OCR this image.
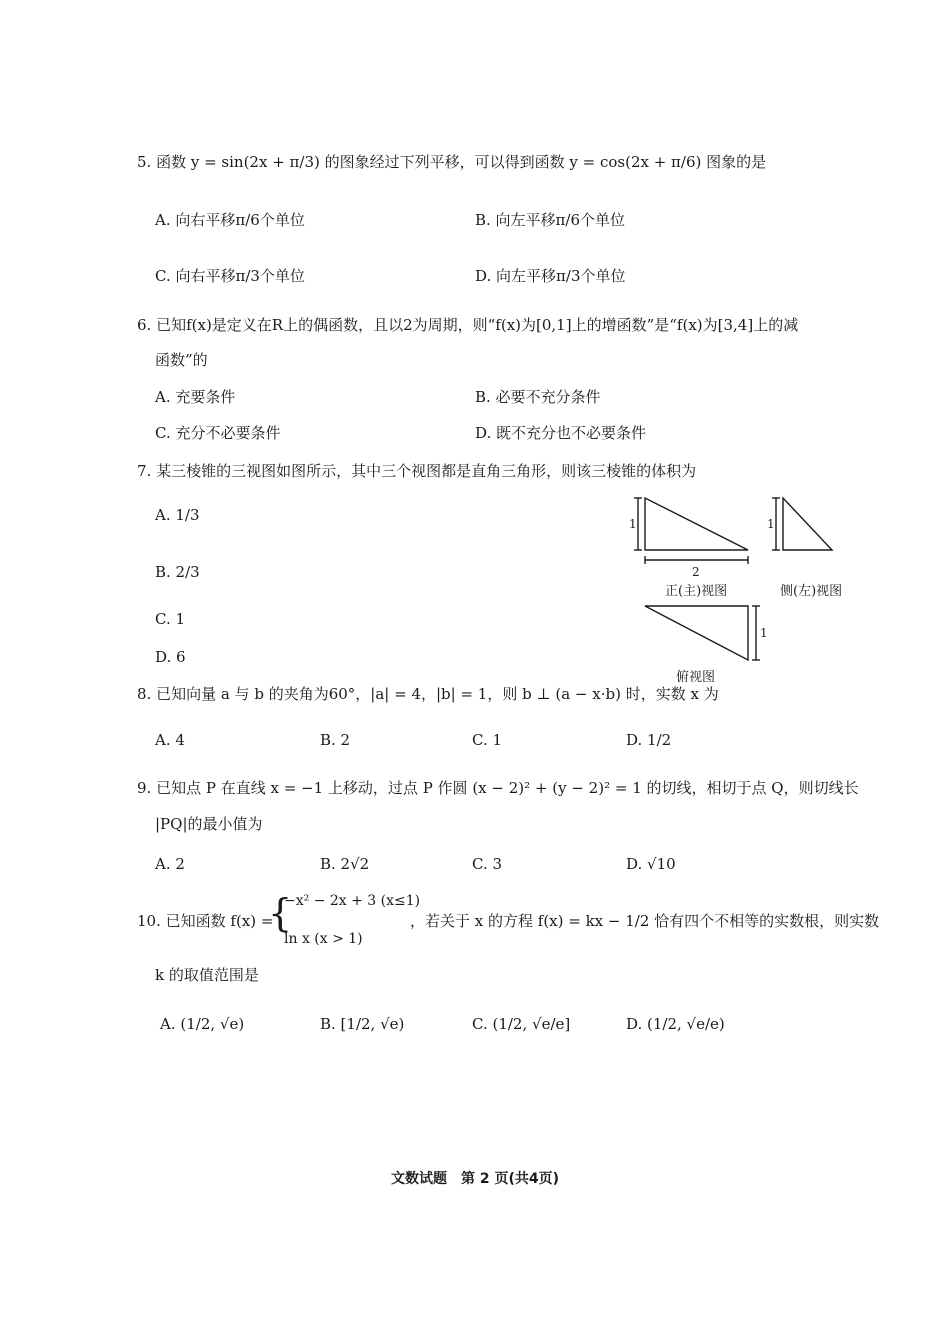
5. 函数 y = sin(2x + π/3) 的图象经过下列平移，可以得到函数 y = cos(2x + π/6) 图象的是
A. 向右平移π/6个单位	B. 向左平移π/6个单位
C. 向右平移π/3个单位	D. 向左平移π/3个单位
6. 已知f(x)是定义在R上的偶函数，且以2为周期，则“f(x)为[0,1]上的增函数”是“f(x)为[3,4]上的减
函数”的
A. 充要条件	B. 必要不充分条件
C. 充分不必要条件	D. 既不充分也不必要条件
7. 某三棱锥的三视图如图所示，其中三个视图都是直角三角形，则该三棱锥的体积为
A. 1/3
B. 2/3
C. 1
D. 6
1
2
1
1
正(主)视图	侧(左)视图
俯视图
8. 已知向量 a 与 b 的夹角为60°，|a| = 4，|b| = 1，则 b ⊥ (a − x·b) 时，实数 x 为
A. 4	B. 2	C. 1	D. 1/2
9. 已知点 P 在直线 x = −1 上移动，过点 P 作圆 (x − 2)² + (y − 2)² = 1 的切线，相切于点 Q，则切线长
|PQ|的最小值为
A. 2	B. 2√2	C. 3	D. √10
10. 已知函数 f(x) =
{
−x² − 2x + 3 (x≤1)
ln x (x > 1)
，若关于 x 的方程 f(x) = kx − 1/2 恰有四个不相等的实数根，则实数
k 的取值范围是
A. (1/2, √e)	B. [1/2, √e)	C. (1/2, √e/e]	D. (1/2, √e/e)
文数试题　第 2 页(共4页)
